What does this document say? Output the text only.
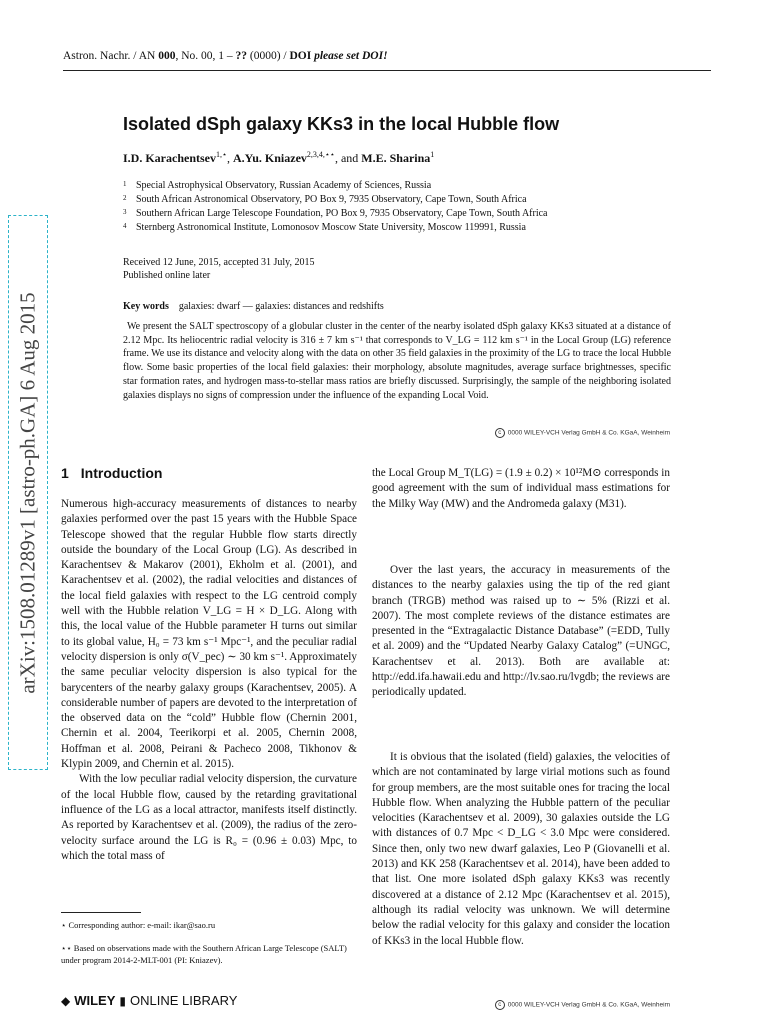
Astron. Nachr. / AN 000, No. 00, 1 – ?? (0000) / DOI please set DOI!
arXiv:1508.01289v1 [astro-ph.GA] 6 Aug 2015
Isolated dSph galaxy KKs3 in the local Hubble flow
I.D. Karachentsev$^{1,⋆}$, A.Yu. Kniazev$^{2,3,4,⋆⋆}$, and M.E. Sharina$^1$
$^1$ Special Astrophysical Observatory, Russian Academy of Sciences, Russia
$^2$ South African Astronomical Observatory, PO Box 9, 7935 Observatory, Cape Town, South Africa
$^3$ Southern African Large Telescope Foundation, PO Box 9, 7935 Observatory, Cape Town, South Africa
$^4$ Sternberg Astronomical Institute, Lomonosov Moscow State University, Moscow 119991, Russia
Received 12 June, 2015, accepted 31 July, 2015
Published online later
Key words galaxies: dwarf — galaxies: distances and redshifts
We present the SALT spectroscopy of a globular cluster in the center of the nearby isolated dSph galaxy KKs3 situated at a distance of 2.12 Mpc. Its heliocentric radial velocity is 316 ± 7 km s⁻¹ that corresponds to V_LG = 112 km s⁻¹ in the Local Group (LG) reference frame. We use its distance and velocity along with the data on other 35 field galaxies in the proximity of the LG to trace the local Hubble flow. Some basic properties of the local field galaxies: their morphology, absolute magnitudes, average surface brightnesses, specific star formation rates, and hydrogen mass-to-stellar mass ratios are briefly discussed. Surprisingly, the sample of the neighboring isolated galaxies displays no signs of compression under the influence of the expanding Local Void.
c 0000 WILEY-VCH Verlag GmbH & Co. KGaA, Weinheim
1 Introduction

Numerous high-accuracy measurements of distances to nearby galaxies performed over the past 15 years with the Hubble Space Telescope showed that the regular Hubble flow starts directly outside the boundary of the Local Group (LG). As described in Karachentsev & Makarov (2001), Ekholm et al. (2001), and Karachentsev et al. (2002), the radial velocities and distances of the local field galaxies with respect to the LG centroid comply well with the Hubble relation V_LG = H × D_LG. Along with this, the local value of the Hubble parameter H turns out similar to its global value, H₀ = 73 km s⁻¹ Mpc⁻¹, and the peculiar radial velocity dispersion is only σ(V_pec) ∼ 30 km s⁻¹. Approximately the same peculiar velocity dispersion is also typical for the barycenters of the nearby galaxy groups (Karachentsev, 2005). A considerable number of papers are devoted to the interpretation of the observed data on the “cold” Hubble flow (Chernin 2001, Chernin et al. 2004, Teerikorpi et al. 2005, Chernin 2008, Hoffman et al. 2008, Peirani & Pacheco 2008, Tikhonov & Klypin 2009, and Chernin et al. 2015).

With the low peculiar radial velocity dispersion, the curvature of the local Hubble flow, caused by the retarding gravitational influence of the LG as a local attractor, manifests itself distinctly. As reported by Karachentsev et al. (2009), the radius of the zero-velocity surface around the LG is R₀ = (0.96 ± 0.03) Mpc, to which the total mass of

⋆ Corresponding author: e-mail: ikar@sao.ru
⋆⋆ Based on observations made with the Southern African Large Telescope (SALT) under program 2014-2-MLT-001 (PI: Kniazev).
the Local Group M_T(LG) = (1.9 ± 0.2) × 10¹²M⊙ corresponds in good agreement with the sum of individual mass estimations for the Milky Way (MW) and the Andromeda galaxy (M31).
Over the last years, the accuracy in measurements of the distances to the nearby galaxies using the tip of the red giant branch (TRGB) method was raised up to ∼ 5% (Rizzi et al. 2007). The most complete reviews of the distance estimates are presented in the “Extragalactic Distance Database” (=EDD, Tully et al. 2009) and the “Updated Nearby Galaxy Catalog” (=UNGC, Karachentsev et al. 2013). Both are available at: http://edd.ifa.hawaii.edu and http://lv.sao.ru/lvgdb; the reviews are periodically updated.
It is obvious that the isolated (field) galaxies, the velocities of which are not contaminated by large virial motions such as found for group members, are the most suitable ones for tracing the local Hubble flow. When analyzing the Hubble pattern of the peculiar velocities (Karachentsev et al. 2009), 30 galaxies outside the LG with distances of 0.7 Mpc < D_LG < 3.0 Mpc were considered. Since then, only two new dwarf galaxies, Leo P (Giovanelli et al. 2013) and KK 258 (Karachentsev et al. 2014), have been added to that list. One more isolated dSph galaxy KKs3 was recently discovered at a distance of 2.12 Mpc (Karachentsev et al. 2015), although its radial velocity was unknown. We will determine below the radial velocity for this galaxy and consider the location of KKs3 in the local Hubble flow.
◆ WILEY ▮ ONLINE LIBRARY	c 0000 WILEY-VCH Verlag GmbH & Co. KGaA, Weinheim
